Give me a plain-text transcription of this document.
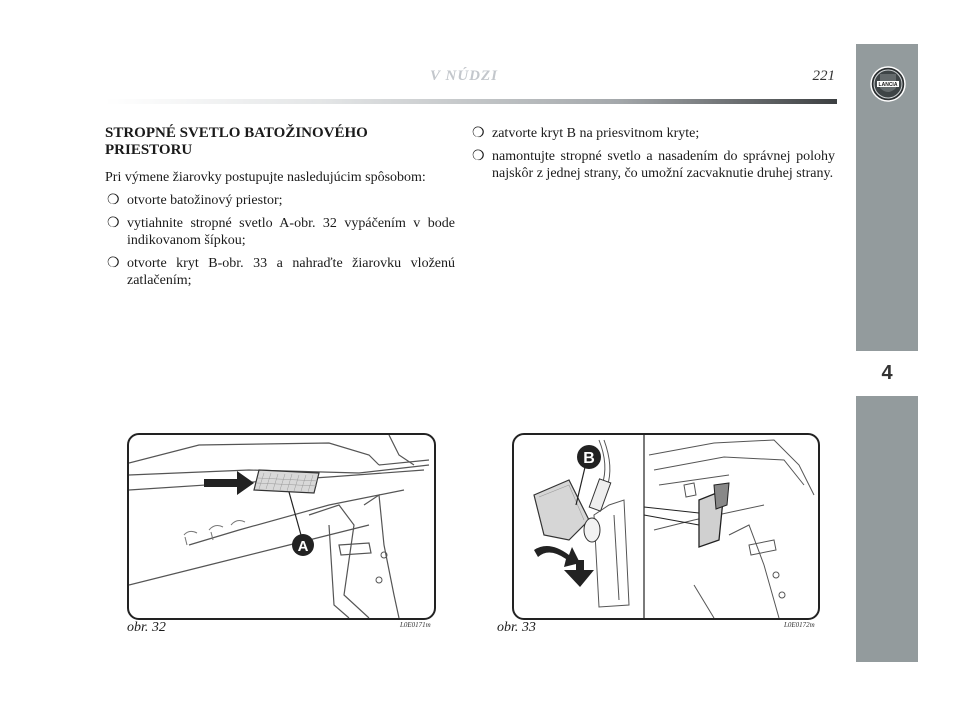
V NÚDZI	221
4
LANCIA
STROPNÉ SVETLO BATOŽINOVÉHO PRIESTORU
Pri výmene žiarovky postupujte nasledujúcim spôsobom:
❍ otvorte batožinový priestor;
❍ vytiahnite stropné svetlo A-obr. 32 vypáčením v bode indikovanom šípkou;
❍ otvorte kryt B-obr. 33 a nahraďte žiarovku vloženú zatlačením;
❍ zatvorte kryt B na priesvitnom kryte;
❍ namontujte stropné svetlo a nasadením do správnej polohy najskôr z jednej strany, čo umožní zacvaknutie druhej strany.
A
obr. 32	L0E0171m
B
obr. 33	L0E0172m
